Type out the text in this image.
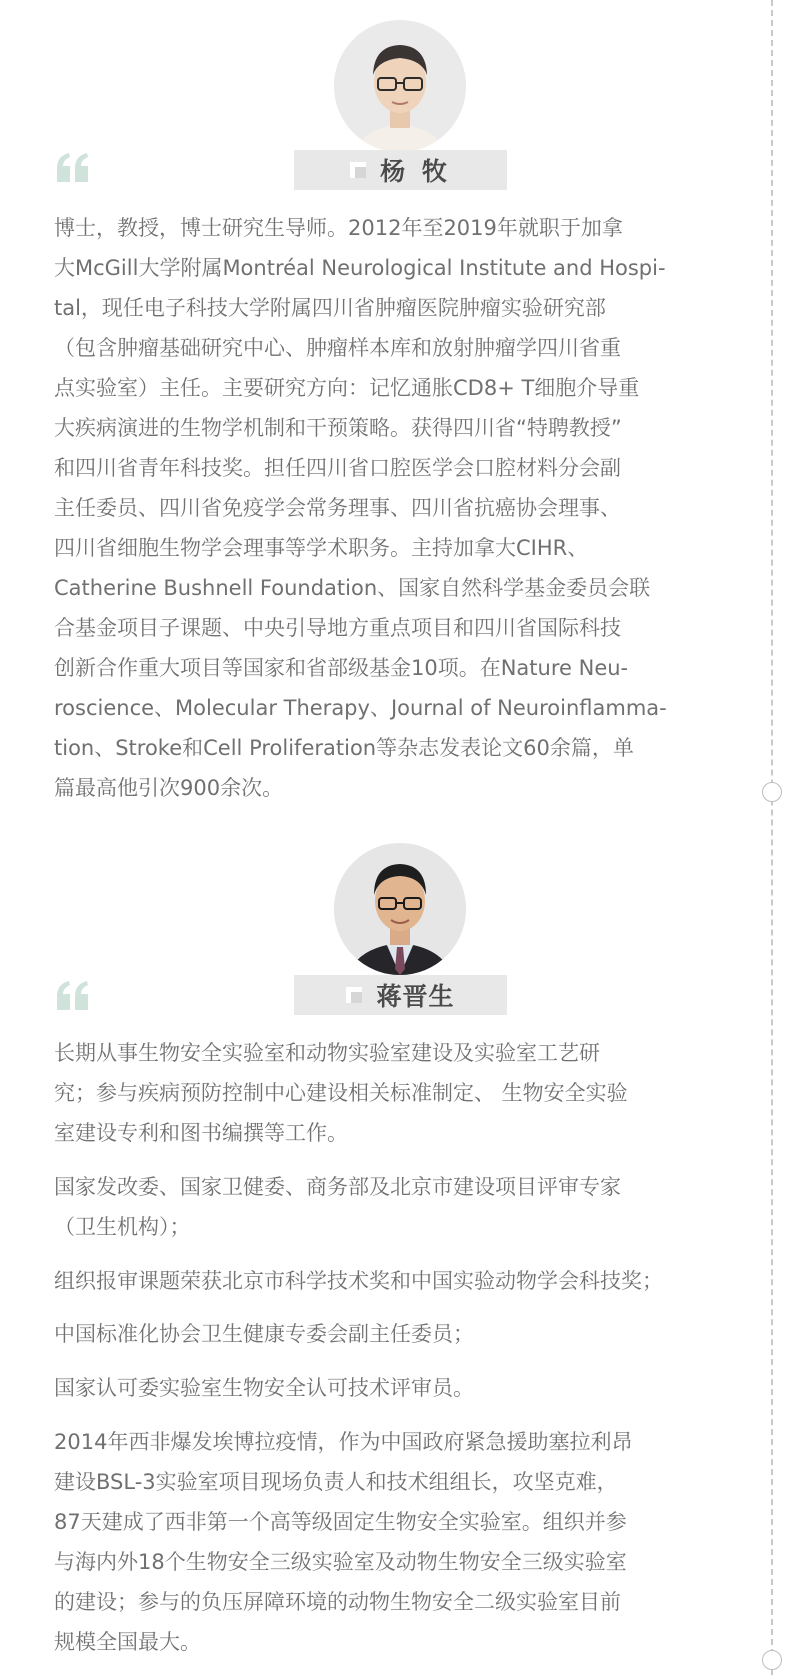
杨 牧
博士，教授，博士研究生导师。2012年至2019年就职于加拿
大McGill大学附属Montréal Neurological Institute and Hospi-
tal，现任电子科技大学附属四川省肿瘤医院肿瘤实验研究部
（包含肿瘤基础研究中心、肿瘤样本库和放射肿瘤学四川省重
点实验室）主任。主要研究方向：记忆通胀CD8+ T细胞介导重
大疾病演进的生物学机制和干预策略。获得四川省“特聘教授”
和四川省青年科技奖。担任四川省口腔医学会口腔材料分会副
主任委员、四川省免疫学会常务理事、四川省抗癌协会理事、
四川省细胞生物学会理事等学术职务。主持加拿大CIHR、
Catherine Bushnell Foundation、国家自然科学基金委员会联
合基金项目子课题、中央引导地方重点项目和四川省国际科技
创新合作重大项目等国家和省部级基金10项。在Nature Neu-
roscience、Molecular Therapy、Journal of Neuroinflamma-
tion、Stroke和Cell Proliferation等杂志发表论文60余篇，单
篇最高他引次900余次。
蒋晋生
长期从事生物安全实验室和动物实验室建设及实验室工艺研
究；参与疾病预防控制中心建设相关标准制定、 生物安全实验
室建设专利和图书编撰等工作。
国家发改委、国家卫健委、商务部及北京市建设项目评审专家
（卫生机构）；
组织报审课题荣获北京市科学技术奖和中国实验动物学会科技奖；
中国标准化协会卫生健康专委会副主任委员；
国家认可委实验室生物安全认可技术评审员。
2014年西非爆发埃博拉疫情，作为中国政府紧急援助塞拉利昂
建设BSL-3实验室项目现场负责人和技术组组长，攻坚克难，
87天建成了西非第一个高等级固定生物安全实验室。组织并参
与海内外18个生物安全三级实验室及动物生物安全三级实验室
的建设；参与的负压屏障环境的动物生物安全二级实验室目前
规模全国最大。
